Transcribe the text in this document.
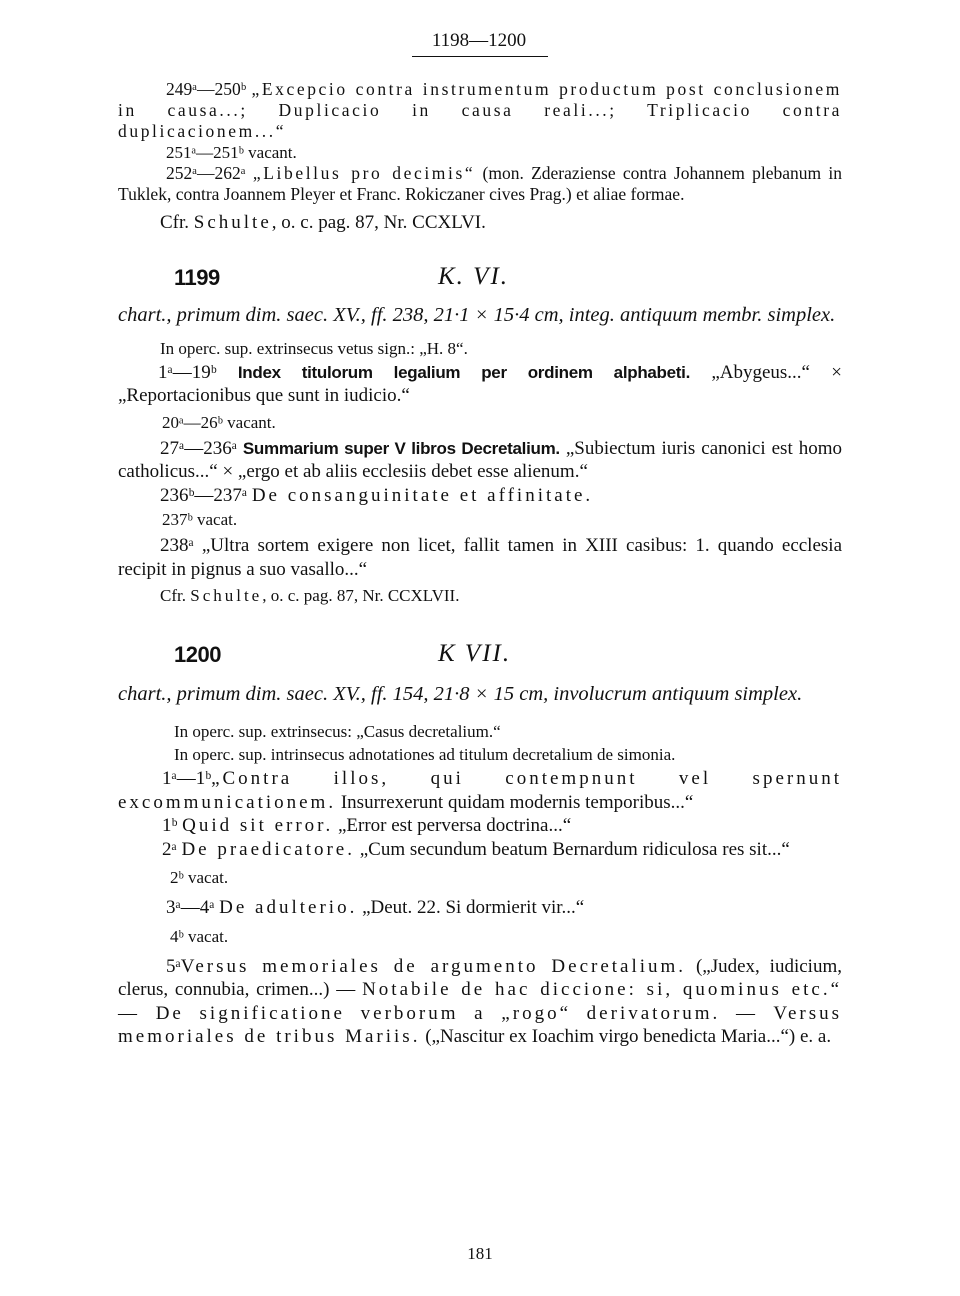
1198—1200

249ᵃ—250ᵇ „Excepcio contra instrumentum productum post conclusionem in causa...; Duplicacio in causa reali...; Triplicacio contra duplicacionem...“

251ᵃ—251ᵇ vacant.

252ᵃ—262ᵃ „Libellus pro decimis“ (mon. Zderaziense contra Johannem plebanum in Tuklek, contra Joannem Pleyer et Franc. Rokiczaner cives Prag.) et aliae formae.

Cfr. Schulte, o. c. pag. 87, Nr. CCXLVI.

1199	K. VI.

chart., primum dim. saec. XV., ff. 238, 21·1 × 15·4 cm, integ. antiquum membr. simplex.

In operc. sup. extrinsecus vetus sign.: „H. 8“.

1ᵃ—19ᵇ Index titulorum legalium per ordinem alphabeti. „Abygeus...“ × „Reportacionibus que sunt in iudicio.“

20ᵃ—26ᵇ vacant.

27ᵃ—236ᵃ Summarium super V libros Decretalium. „Subiectum iuris canonici est homo catholicus...“ × „ergo et ab aliis ecclesiis debet esse alienum.“

236ᵇ—237ᵃ De consanguinitate et affinitate.

237ᵇ vacat.

238ᵃ „Ultra sortem exigere non licet, fallit tamen in XIII casibus: 1. quando ecclesia recipit in pignus a suo vasallo...“

Cfr. Schulte, o. c. pag. 87, Nr. CCXLVII.

1200	K VII.

chart., primum dim. saec. XV., ff. 154, 21·8 × 15 cm, involucrum antiquum simplex.

In operc. sup. extrinsecus: „Casus decretalium.“

In operc. sup. intrinsecus adnotationes ad titulum decretalium de simonia.

1ᵃ—1ᵇ„Contra illos, qui contempnunt vel spernunt excommunicationem. Insurrexerunt quidam modernis temporibus...“

1ᵇ Quid sit error. „Error est perversa doctrina...“

2ᵃ De praedicatore. „Cum secundum beatum Bernardum ridiculosa res sit...“

2ᵇ vacat.

3ᵃ—4ᵃ De adulterio. „Deut. 22. Si dormierit vir...“

4ᵇ vacat.

5ᵃVersus memoriales de argumento Decretalium. („Judex, iudicium, clerus, connubia, crimen...) — Notabile de hac diccione: si, quominus etc.“ — De significatione verborum a „rogo“ derivatorum. — Versus memoriales de tribus Mariis. („Nascitur ex Ioachim virgo benedicta Maria...“) e. a.

181
